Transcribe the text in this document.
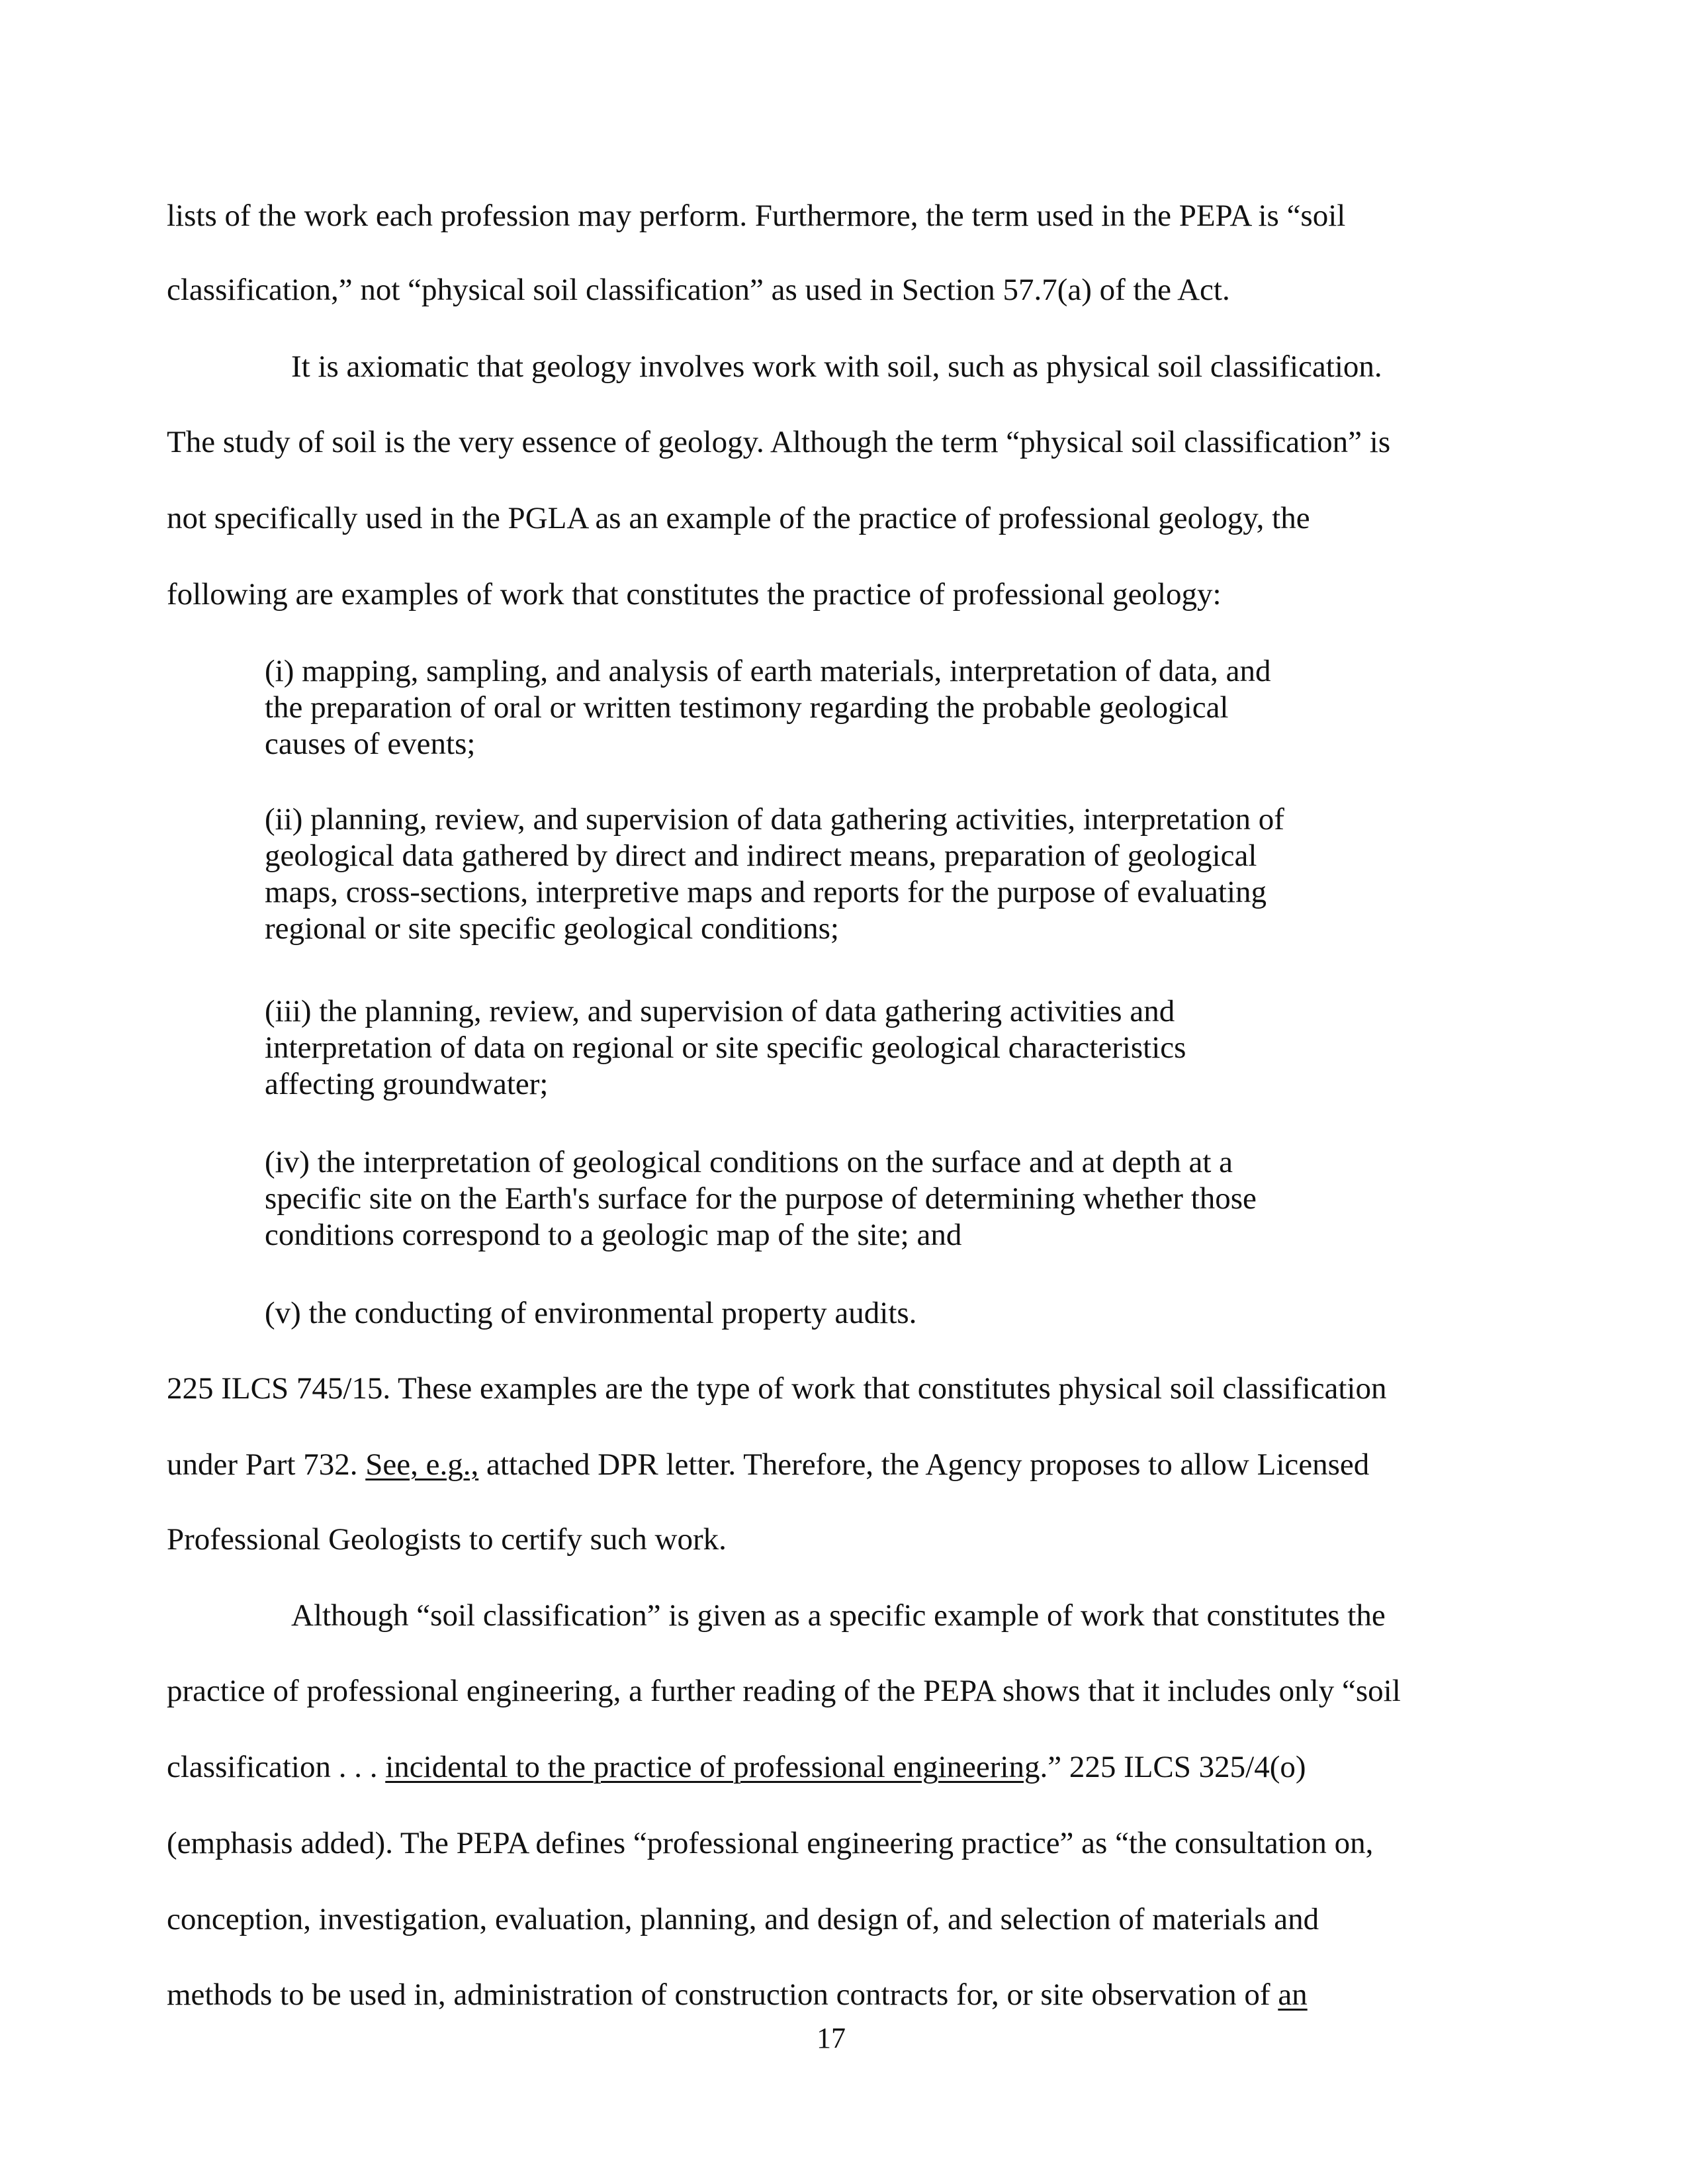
lists of the work each profession may perform. Furthermore, the term used in the PEPA is “soil
classification,” not “physical soil classification” as used in Section 57.7(a) of the Act.
It is axiomatic that geology involves work with soil, such as physical soil classification.
The study of soil is the very essence of geology. Although the term “physical soil classification” is
not specifically used in the PGLA as an example of the practice of professional geology, the
following are examples of work that constitutes the practice of professional geology:
(i) mapping, sampling, and analysis of earth materials, interpretation of data, and
the preparation of oral or written testimony regarding the probable geological
causes of events;
(ii) planning, review, and supervision of data gathering activities, interpretation of
geological data gathered by direct and indirect means, preparation of geological
maps, cross-sections, interpretive maps and reports for the purpose of evaluating
regional or site specific geological conditions;
(iii) the planning, review, and supervision of data gathering activities and
interpretation of data on regional or site specific geological characteristics
affecting groundwater;
(iv) the interpretation of geological conditions on the surface and at depth at a
specific site on the Earth's surface for the purpose of determining whether those
conditions correspond to a geologic map of the site; and
(v) the conducting of environmental property audits.
225 ILCS 745/15. These examples are the type of work that constitutes physical soil classification
under Part 732. See, e.g., attached DPR letter. Therefore, the Agency proposes to allow Licensed
Professional Geologists to certify such work.
Although “soil classification” is given as a specific example of work that constitutes the
practice of professional engineering, a further reading of the PEPA shows that it includes only “soil
classification . . . incidental to the practice of professional engineering.” 225 ILCS 325/4(o)
(emphasis added). The PEPA defines “professional engineering practice” as “the consultation on,
conception, investigation, evaluation, planning, and design of, and selection of materials and
methods to be used in, administration of construction contracts for, or site observation of an
17
